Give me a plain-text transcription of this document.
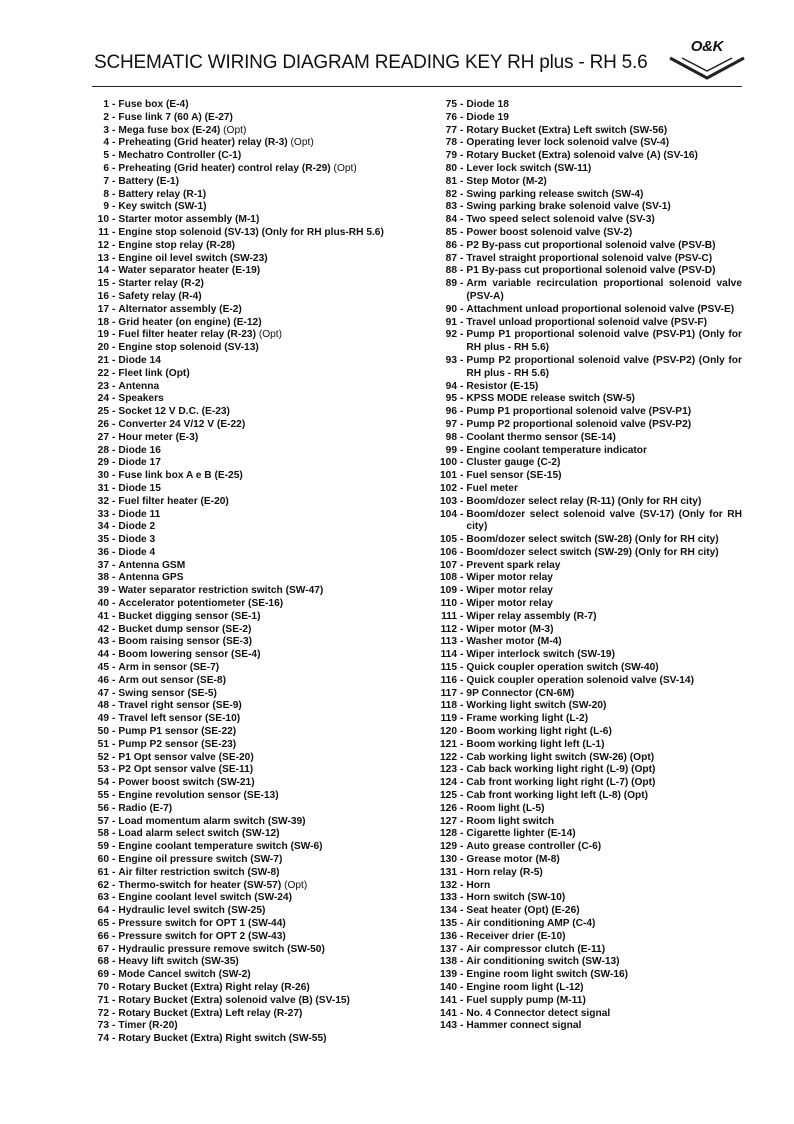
SCHEMATIC WIRING DIAGRAM READING KEY RH plus - RH 5.6
O&K
1 - Fuse box (E-4)
2 - Fuse link 7 (60 A) (E-27)
3 - Mega fuse box (E-24) (Opt)
4 - Preheating (Grid heater) relay (R-3) (Opt)
5 - Mechatro Controller (C-1)
6 - Preheating (Grid heater) control relay (R-29) (Opt)
7 - Battery (E-1)
8 - Battery relay (R-1)
9 - Key switch (SW-1)
10 - Starter motor assembly (M-1)
11 - Engine stop solenoid (SV-13) (Only for RH plus-RH 5.6)
12 - Engine stop relay (R-28)
13 - Engine oil level switch (SW-23)
14 - Water separator heater (E-19)
15 - Starter relay (R-2)
16 - Safety relay (R-4)
17 - Alternator assembly (E-2)
18 - Grid heater (on engine) (E-12)
19 - Fuel filter heater relay (R-23) (Opt)
20 - Engine stop solenoid (SV-13)
21 - Diode 14
22 - Fleet link (Opt)
23 - Antenna
24 - Speakers
25 - Socket 12 V D.C. (E-23)
26 - Converter 24 V/12 V (E-22)
27 - Hour meter (E-3)
28 - Diode 16
29 - Diode 17
30 - Fuse link box A e B (E-25)
31 - Diode 15
32 - Fuel filter heater (E-20)
33 - Diode 11
34 - Diode 2
35 - Diode 3
36 - Diode 4
37 - Antenna GSM
38 - Antenna GPS
39 - Water separator restriction switch (SW-47)
40 - Accelerator potentiometer (SE-16)
41 - Bucket digging sensor (SE-1)
42 - Bucket dump sensor (SE-2)
43 - Boom raising sensor (SE-3)
44 - Boom lowering sensor (SE-4)
45 - Arm in sensor (SE-7)
46 - Arm out sensor (SE-8)
47 - Swing sensor (SE-5)
48 - Travel right sensor (SE-9)
49 - Travel left sensor (SE-10)
50 - Pump P1 sensor (SE-22)
51 - Pump P2 sensor (SE-23)
52 - P1 Opt sensor valve (SE-20)
53 - P2 Opt sensor valve (SE-11)
54 - Power boost switch (SW-21)
55 - Engine revolution sensor (SE-13)
56 - Radio (E-7)
57 - Load momentum alarm switch (SW-39)
58 - Load alarm select switch (SW-12)
59 - Engine coolant temperature switch (SW-6)
60 - Engine oil pressure switch (SW-7)
61 - Air filter restriction switch (SW-8)
62 - Thermo-switch for heater (SW-57) (Opt)
63 - Engine coolant level switch (SW-24)
64 - Hydraulic level switch (SW-25)
65 - Pressure switch for OPT 1 (SW-44)
66 - Pressure switch for OPT 2 (SW-43)
67 - Hydraulic pressure remove switch (SW-50)
68 - Heavy lift switch (SW-35)
69 - Mode Cancel switch (SW-2)
70 - Rotary Bucket (Extra) Right relay (R-26)
71 - Rotary Bucket (Extra) solenoid valve (B) (SV-15)
72 - Rotary Bucket (Extra) Left relay (R-27)
73 - Timer (R-20)
74 - Rotary Bucket (Extra) Right switch (SW-55)
75 - Diode 18
76 - Diode 19
77 - Rotary Bucket (Extra) Left switch (SW-56)
78 - Operating lever lock solenoid valve (SV-4)
79 - Rotary Bucket (Extra) solenoid valve (A) (SV-16)
80 - Lever lock switch (SW-11)
81 - Step Motor (M-2)
82 - Swing parking release switch (SW-4)
83 - Swing parking brake solenoid valve (SV-1)
84 - Two speed select solenoid valve (SV-3)
85 - Power boost solenoid valve (SV-2)
86 - P2 By-pass cut proportional solenoid valve (PSV-B)
87 - Travel straight proportional solenoid valve (PSV-C)
88 - P1 By-pass cut proportional solenoid valve (PSV-D)
89 - Arm variable recirculation proportional solenoid valve (PSV-A)
90 - Attachment unload proportional solenoid valve (PSV-E)
91 - Travel unload proportional solenoid valve (PSV-F)
92 - Pump P1 proportional solenoid valve (PSV-P1) (Only for RH plus - RH 5.6)
93 - Pump P2 proportional solenoid valve (PSV-P2) (Only for RH plus - RH 5.6)
94 - Resistor (E-15)
95 - KPSS MODE release switch (SW-5)
96 - Pump P1 proportional solenoid valve (PSV-P1)
97 - Pump P2 proportional solenoid valve (PSV-P2)
98 - Coolant thermo sensor (SE-14)
99 - Engine coolant temperature indicator
100 - Cluster gauge (C-2)
101 - Fuel sensor (SE-15)
102 - Fuel meter
103 - Boom/dozer select relay (R-11) (Only for RH city)
104 - Boom/dozer select solenoid valve (SV-17) (Only for RH city)
105 - Boom/dozer select switch (SW-28) (Only for RH city)
106 - Boom/dozer select switch (SW-29) (Only for RH city)
107 - Prevent spark relay
108 - Wiper motor relay
109 - Wiper motor relay
110 - Wiper motor relay
111 - Wiper relay assembly (R-7)
112 - Wiper motor (M-3)
113 - Washer motor (M-4)
114 - Wiper interlock switch (SW-19)
115 - Quick coupler operation switch (SW-40)
116 - Quick coupler operation solenoid valve (SV-14)
117 - 9P Connector (CN-6M)
118 - Working light switch (SW-20)
119 - Frame working light (L-2)
120 - Boom working light right (L-6)
121 - Boom working light left (L-1)
122 - Cab working light switch (SW-26) (Opt)
123 - Cab back working light right (L-9) (Opt)
124 - Cab front working light right (L-7) (Opt)
125 - Cab front working light left (L-8) (Opt)
126 - Room light (L-5)
127 - Room light switch
128 - Cigarette lighter (E-14)
129 - Auto grease controller (C-6)
130 - Grease motor (M-8)
131 - Horn relay (R-5)
132 - Horn
133 - Horn switch (SW-10)
134 - Seat heater (Opt) (E-26)
135 - Air conditioning AMP (C-4)
136 - Receiver drier (E-10)
137 - Air compressor clutch (E-11)
138 - Air conditioning switch (SW-13)
139 - Engine room light switch (SW-16)
140 - Engine room light (L-12)
141 - Fuel supply pump (M-11)
141 - No. 4 Connector detect signal
143 - Hammer connect signal
